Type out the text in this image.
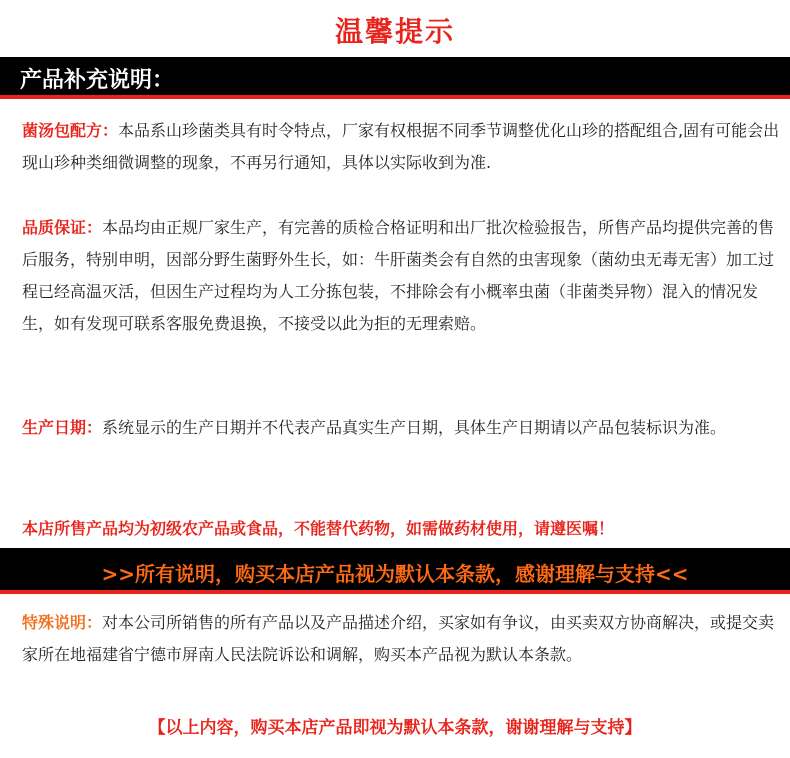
温馨提示
产品补充说明：
菌汤包配方：本品系山珍菌类具有时令特点，厂家有权根据不同季节调整优化山珍的搭配组合,固有可能会出现山珍种类细微调整的现象，不再另行通知，具体以实际收到为准.
品质保证：本品均由正规厂家生产，有完善的质检合格证明和出厂批次检验报告，所售产品均提供完善的售后服务，特别申明，因部分野生菌野外生长，如：牛肝菌类会有自然的虫害现象（菌幼虫无毒无害）加工过程已经高温灭活，但因生产过程均为人工分拣包装，不排除会有小概率虫菌（非菌类异物）混入的情况发生，如有发现可联系客服免费退换，不接受以此为拒的无理索赔。
生产日期：系统显示的生产日期并不代表产品真实生产日期，具体生产日期请以产品包装标识为准。
本店所售产品均为初级农产品或食品，不能替代药物，如需做药材使用，请遵医嘱！
>>所有说明，购买本店产品视为默认本条款，感谢理解与支持<<
特殊说明：对本公司所销售的所有产品以及产品描述介绍，买家如有争议，由买卖双方协商解决，或提交卖家所在地福建省宁德市屏南人民法院诉讼和调解，购买本产品视为默认本条款。
【以上内容，购买本店产品即视为默认本条款，谢谢理解与支持】
